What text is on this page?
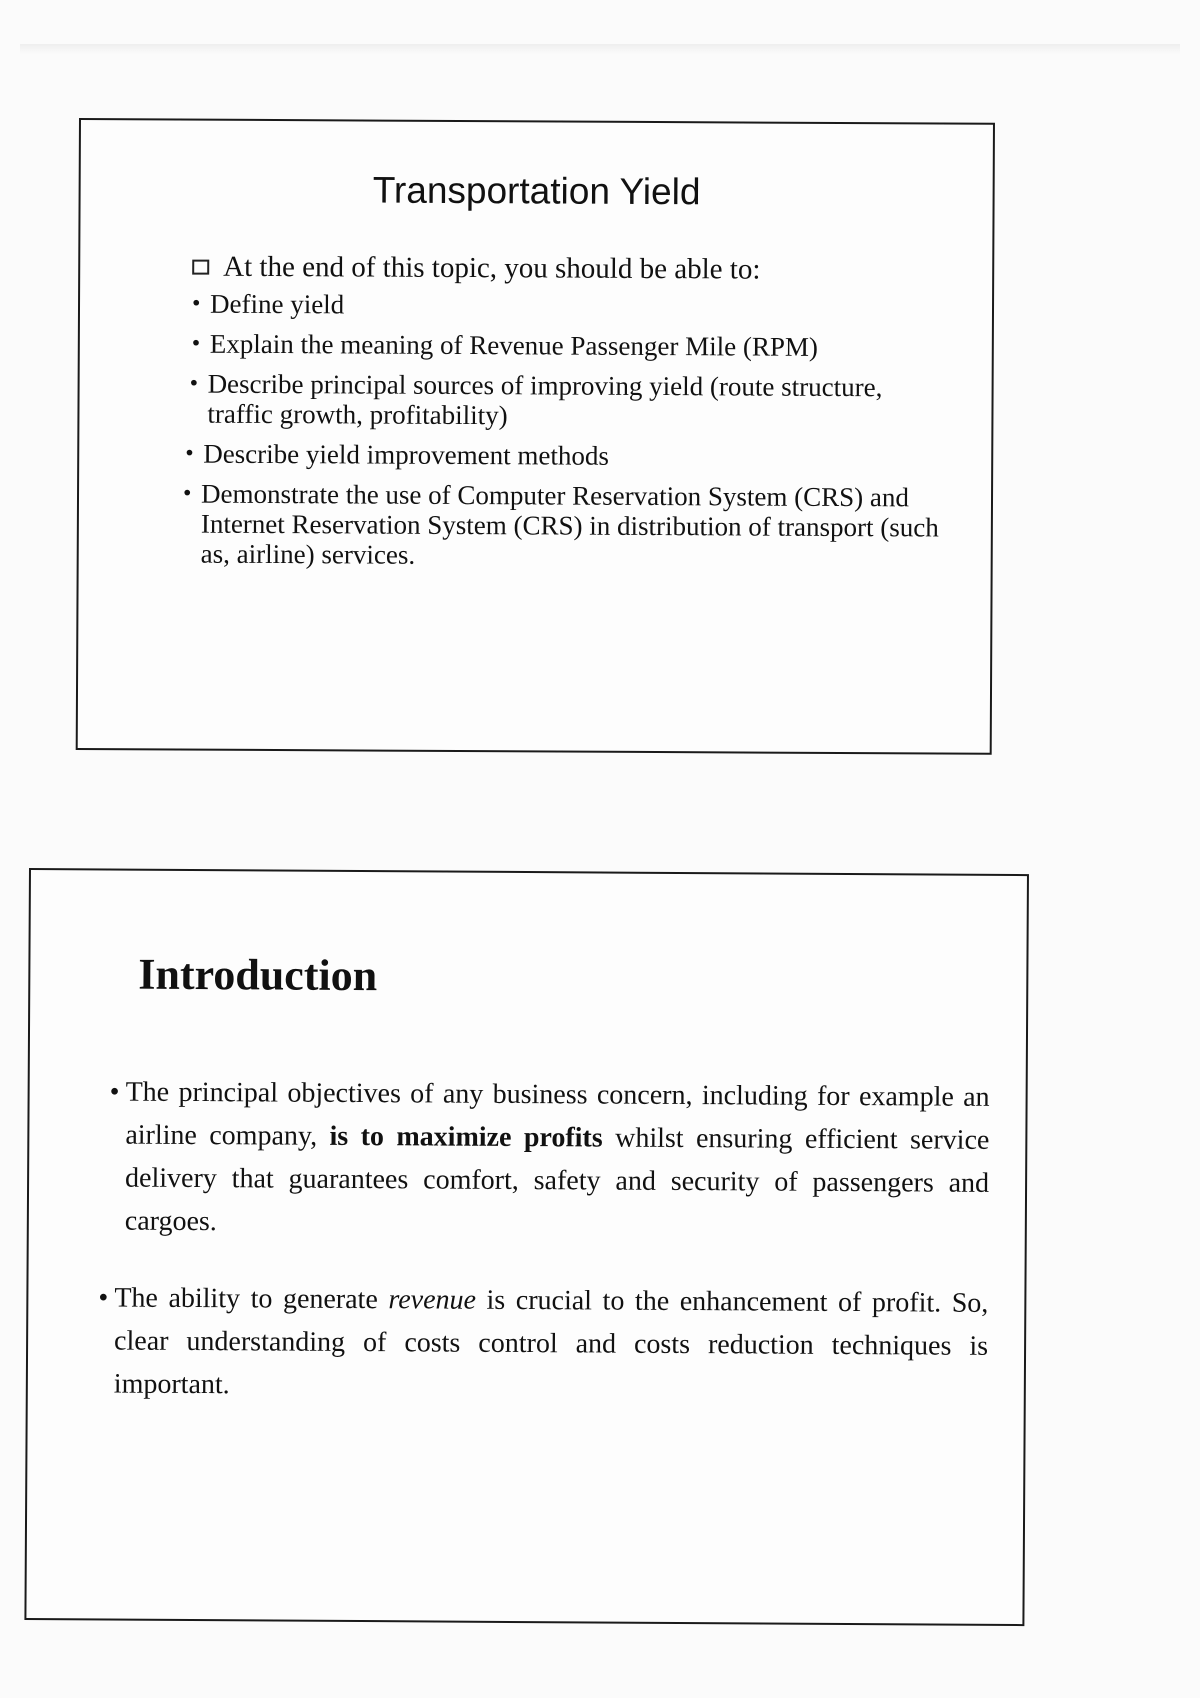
Transportation Yield
At the end of this topic, you should be able to:
• Define yield
• Explain the meaning of Revenue Passenger Mile (RPM)
• Describe principal sources of improving yield (route structure, traffic growth, profitability)
• Describe yield improvement methods
• Demonstrate the use of Computer Reservation System (CRS) and Internet Reservation System (CRS) in distribution of transport (such as, airline) services.
Introduction
• The principal objectives of any business concern, including for example an airline company, is to maximize profits whilst ensuring efficient service delivery that guarantees comfort, safety and security of passengers and cargoes.
• The ability to generate revenue is crucial to the enhancement of profit. So, clear understanding of costs control and costs reduction techniques is important.
